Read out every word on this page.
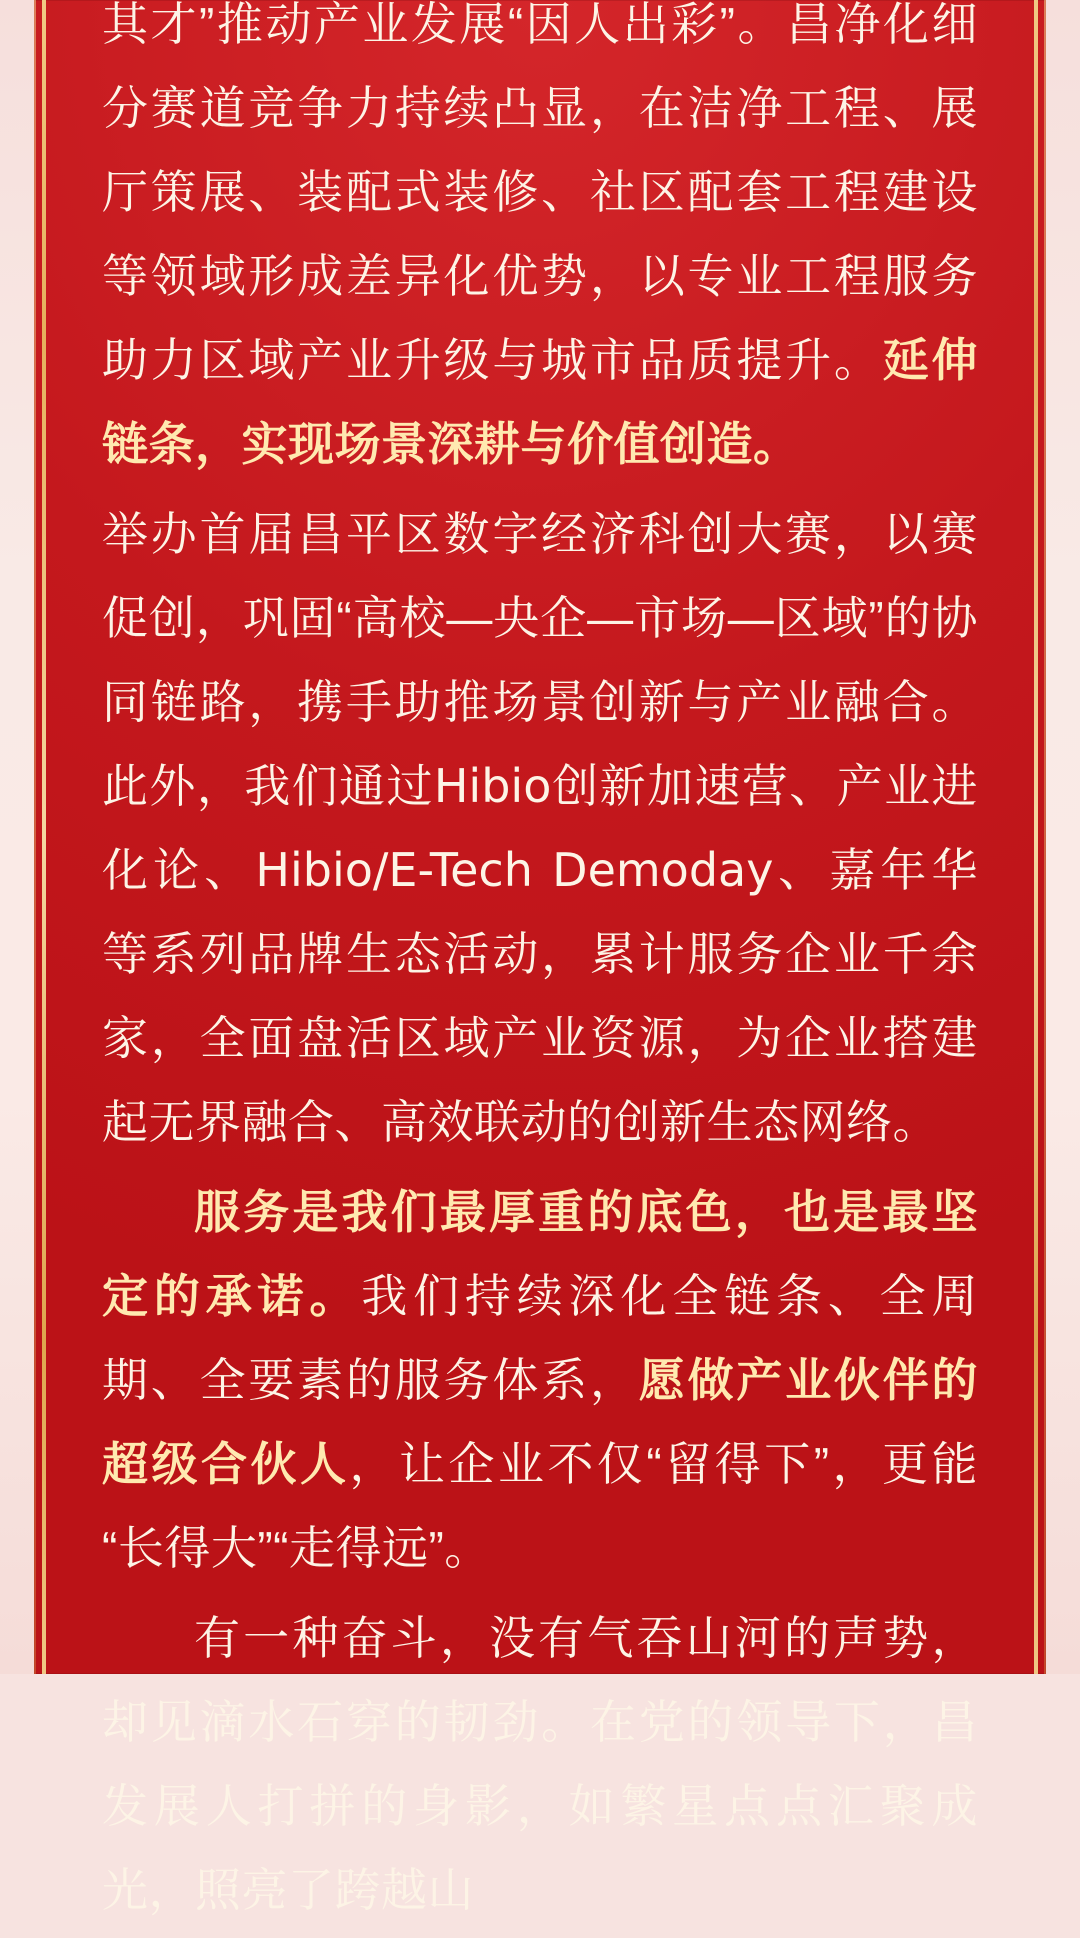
其才”推动产业发展“因人出彩”。昌净化细分赛道竞争力持续凸显，在洁净工程、展厅策展、装配式装修、社区配套工程建设等领域形成差异化优势，以专业工程服务助力区域产业升级与城市品质提升。延伸链条，实现场景深耕与价值创造。

举办首届昌平区数字经济科创大赛，以赛促创，巩固“高校—央企—市场—区域”的协同链路，携手助推场景创新与产业融合。此外，我们通过Hibio创新加速营、产业进化论、Hibio/E-Tech Demoday、嘉年华等系列品牌生态活动，累计服务企业千余家，全面盘活区域产业资源，为企业搭建起无界融合、高效联动的创新生态网络。

服务是我们最厚重的底色，也是最坚定的承诺。我们持续深化全链条、全周期、全要素的服务体系，愿做产业伙伴的超级合伙人，让企业不仅“留得下”，更能“长得大”“走得远”。

有一种奋斗，没有气吞山河的声势，却见滴水石穿的韧劲。在党的领导下，昌发展人打拼的身影，如繁星点点汇聚成光，照亮了跨越山
